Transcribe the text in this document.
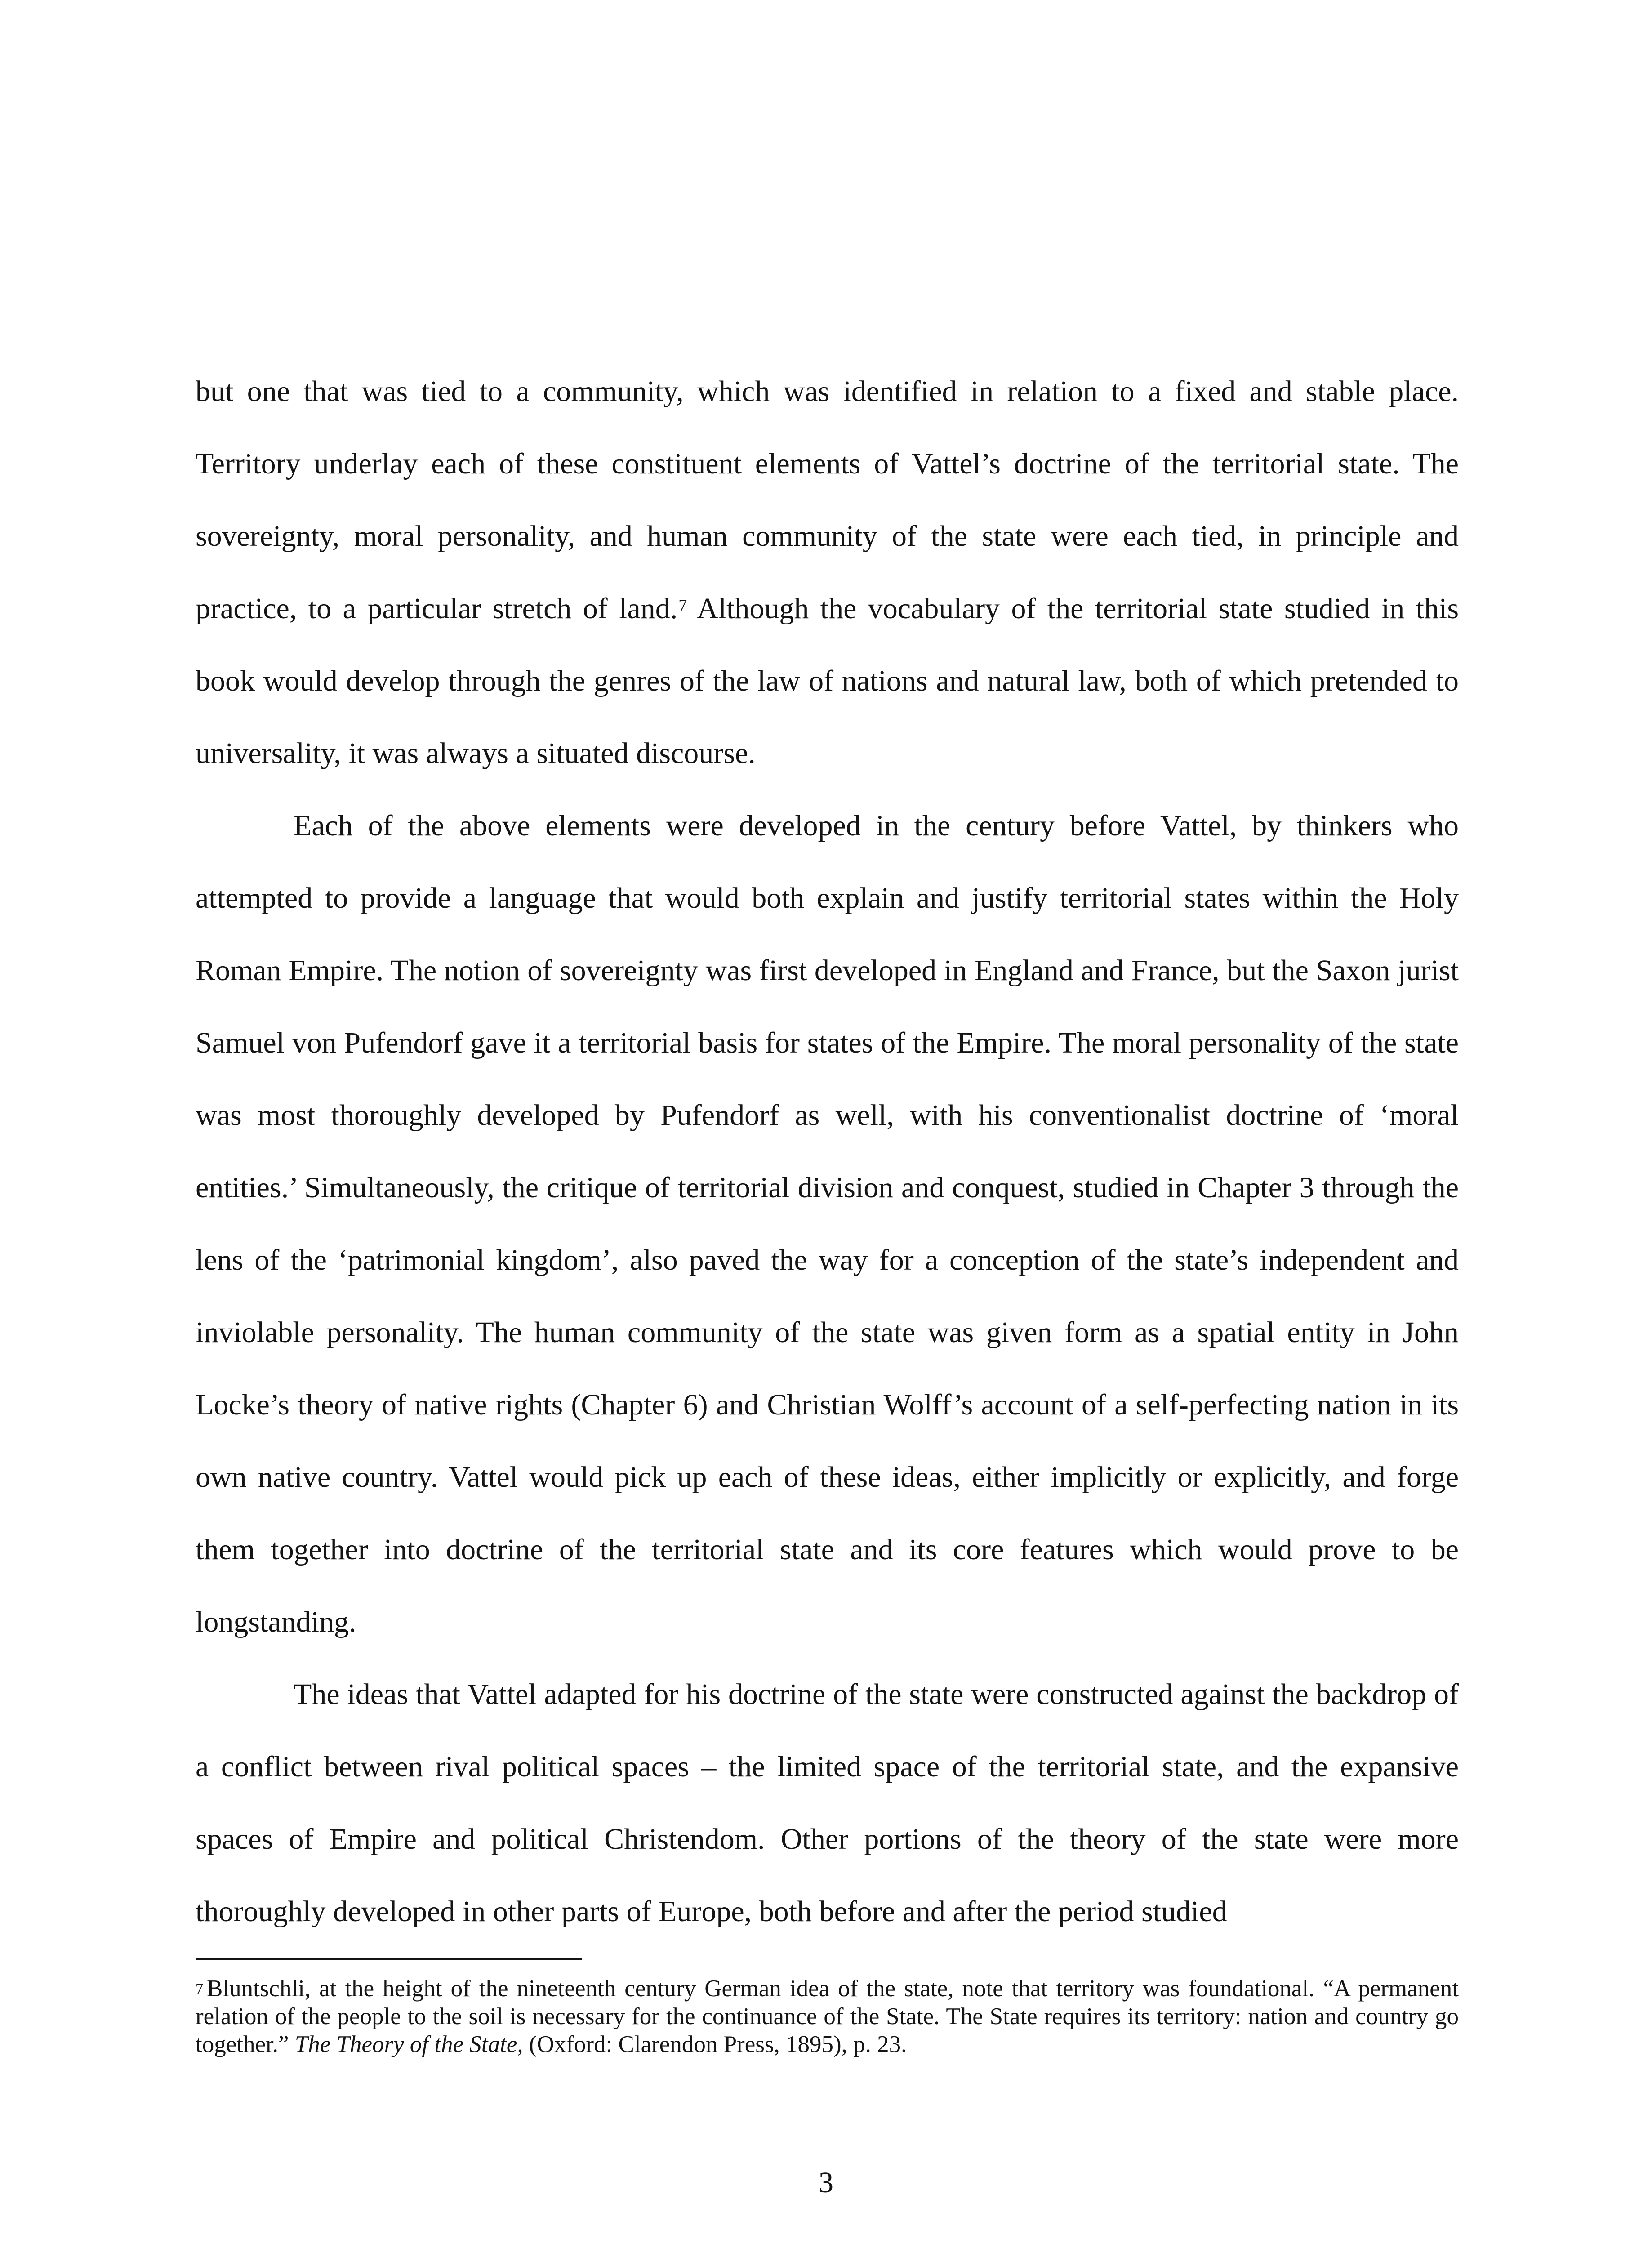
but one that was tied to a community, which was identified in relation to a fixed and stable place. Territory underlay each of these constituent elements of Vattel’s doctrine of the territorial state. The sovereignty, moral personality, and human community of the state were each tied, in principle and practice, to a particular stretch of land.$^7$ Although the vocabulary of the territorial state studied in this book would develop through the genres of the law of nations and natural law, both of which pretended to universality, it was always a situated discourse.

Each of the above elements were developed in the century before Vattel, by thinkers who attempted to provide a language that would both explain and justify territorial states within the Holy Roman Empire. The notion of sovereignty was first developed in England and France, but the Saxon jurist Samuel von Pufendorf gave it a territorial basis for states of the Empire. The moral personality of the state was most thoroughly developed by Pufendorf as well, with his conventionalist doctrine of ‘moral entities.’ Simultaneously, the critique of territorial division and conquest, studied in Chapter 3 through the lens of the ‘patrimonial kingdom’, also paved the way for a conception of the state’s independent and inviolable personality. The human community of the state was given form as a spatial entity in John Locke’s theory of native rights (Chapter 6) and Christian Wolff’s account of a self-perfecting nation in its own native country. Vattel would pick up each of these ideas, either implicitly or explicitly, and forge them together into doctrine of the territorial state and its core features which would prove to be longstanding.

The ideas that Vattel adapted for his doctrine of the state were constructed against the backdrop of a conflict between rival political spaces – the limited space of the territorial state, and the expansive spaces of Empire and political Christendom. Other portions of the theory of the state were more thoroughly developed in other parts of Europe, both before and after the period studied

$^7$ Bluntschli, at the height of the nineteenth century German idea of the state, note that territory was foundational. “A permanent relation of the people to the soil is necessary for the continuance of the State. The State requires its territory: nation and country go together.” The Theory of the State, (Oxford: Clarendon Press, 1895), p. 23.
3
